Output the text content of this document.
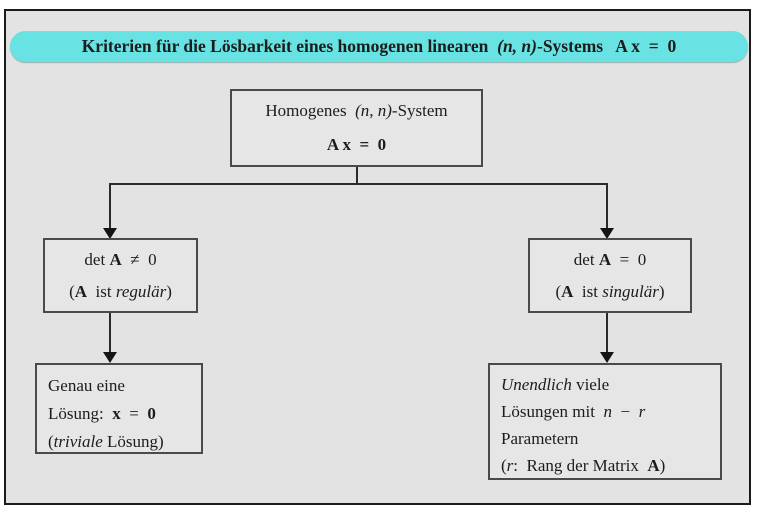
Kriterien für die Lösbarkeit eines homogenen linearen (n, n)-Systems  A x = 0
Homogenes (n, n)-System
A x = 0
det A ≠ 0
(A ist regulär)
det A = 0
(A ist singulär)
Genau eine
Lösung: x = 0
(triviale Lösung)
Unendlich viele
Lösungen mit n − r
Parametern
(r: Rang der Matrix A)
